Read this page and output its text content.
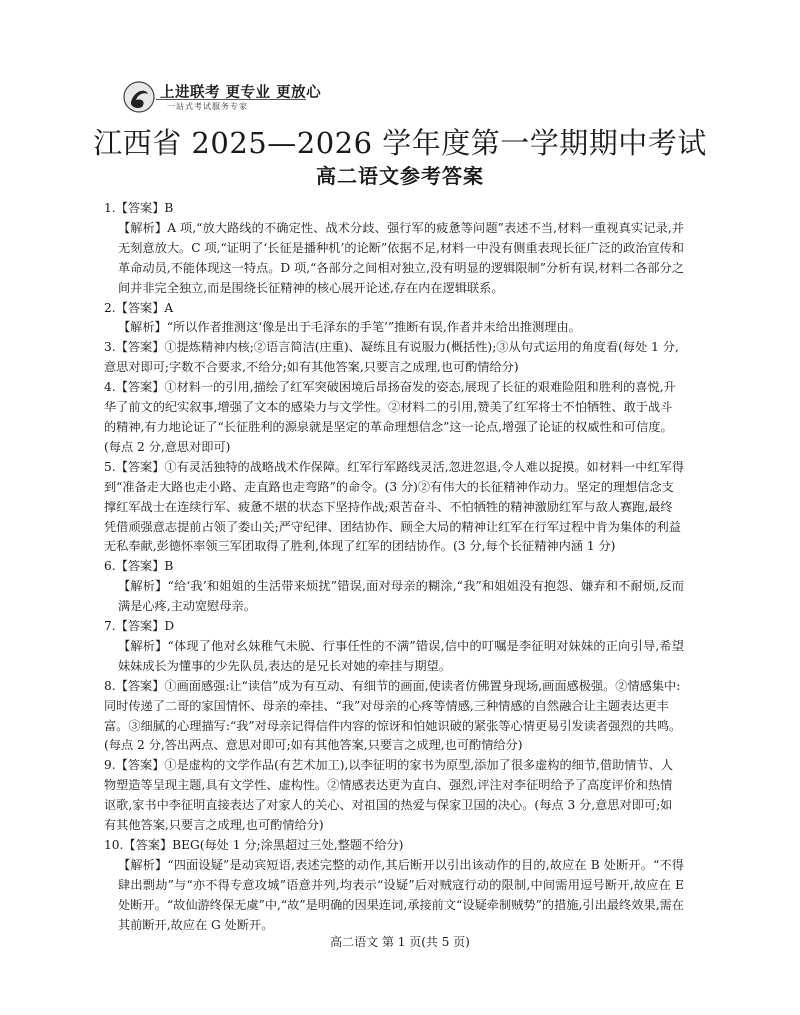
上进联考 更专业 更放心
一站式考试服务专家
江西省 2025—2026 学年度第一学期期中考试
高二语文参考答案
1.【答案】B
【解析】A 项,“放大路线的不确定性、战术分歧、强行军的疲惫等问题”表述不当,材料一重视真实记录,并无刻意放大。C 项,“证明了‘长征是播种机’的论断”依据不足,材料一中没有侧重表现长征广泛的政治宣传和革命动员,不能体现这一特点。D 项,“各部分之间相对独立,没有明显的逻辑限制”分析有误,材料二各部分之间并非完全独立,而是围绕长征精神的核心展开论述,存在内在逻辑联系。
2.【答案】A
【解析】“所以作者推测这‘像是出于毛泽东的手笔’”推断有误,作者并未给出推测理由。
3.【答案】①提炼精神内核;②语言简洁(庄重)、凝练且有说服力(概括性);③从句式运用的角度看(每处 1 分,意思对即可;字数不合要求,不给分;如有其他答案,只要言之成理,也可酌情给分)
4.【答案】①材料一的引用,描绘了红军突破困境后昂扬奋发的姿态,展现了长征的艰难险阻和胜利的喜悦,升华了前文的纪实叙事,增强了文本的感染力与文学性。②材料二的引用,赞美了红军将士不怕牺牲、敢于战斗的精神,有力地论证了“长征胜利的源泉就是坚定的革命理想信念”这一论点,增强了论证的权威性和可信度。(每点 2 分,意思对即可)
5.【答案】①有灵活独特的战略战术作保障。红军行军路线灵活,忽进忽退,令人难以捉摸。如材料一中红军得到“准备走大路也走小路、走直路也走弯路”的命令。(3 分)②有伟大的长征精神作动力。坚定的理想信念支撑红军战士在连续行军、疲惫不堪的状态下坚持作战;艰苦奋斗、不怕牺牲的精神激励红军与敌人赛跑,最终凭借顽强意志提前占领了娄山关;严守纪律、团结协作、顾全大局的精神让红军在行军过程中肯为集体的利益无私奉献,彭德怀率领三军团取得了胜利,体现了红军的团结协作。(3 分,每个长征精神内涵 1 分)
6.【答案】B
【解析】“给‘我’和姐姐的生活带来烦扰”错误,面对母亲的糊涂,“我”和姐姐没有抱怨、嫌弃和不耐烦,反而满是心疼,主动宽慰母亲。
7.【答案】D
【解析】“体现了他对幺妹稚气未脱、行事任性的不满”错误,信中的叮嘱是李征明对妹妹的正向引导,希望妹妹成长为懂事的少先队员,表达的是兄长对她的牵挂与期望。
8.【答案】①画面感强:让“读信”成为有互动、有细节的画面,使读者仿佛置身现场,画面感极强。②情感集中:同时传递了二哥的家国情怀、母亲的牵挂、“我”对母亲的心疼等情感,三种情感的自然融合让主题表达更丰富。③细腻的心理描写:“我”对母亲记得信件内容的惊讶和怕她识破的紧张等心情更易引发读者强烈的共鸣。(每点 2 分,答出两点、意思对即可;如有其他答案,只要言之成理,也可酌情给分)
9.【答案】①是虚构的文学作品(有艺术加工),以李征明的家书为原型,添加了很多虚构的细节,借助情节、人物塑造等呈现主题,具有文学性、虚构性。②情感表达更为直白、强烈,评注对李征明给予了高度评价和热情讴歌,家书中李征明直接表达了对家人的关心、对祖国的热爱与保家卫国的决心。(每点 3 分,意思对即可;如有其他答案,只要言之成理,也可酌情给分)
10.【答案】BEG(每处 1 分;涂黑超过三处,整题不给分)
【解析】“四面设疑”是动宾短语,表述完整的动作,其后断开以引出该动作的目的,故应在 B 处断开。“不得肆出剽劫”与“亦不得专意攻城”语意并列,均表示“设疑”后对贼寇行动的限制,中间需用逗号断开,故应在 E 处断开。“故仙游终保无虞”中,“故”是明确的因果连词,承接前文“设疑牵制贼势”的措施,引出最终效果,需在其前断开,故应在 G 处断开。
高二语文 第 1 页(共 5 页)
